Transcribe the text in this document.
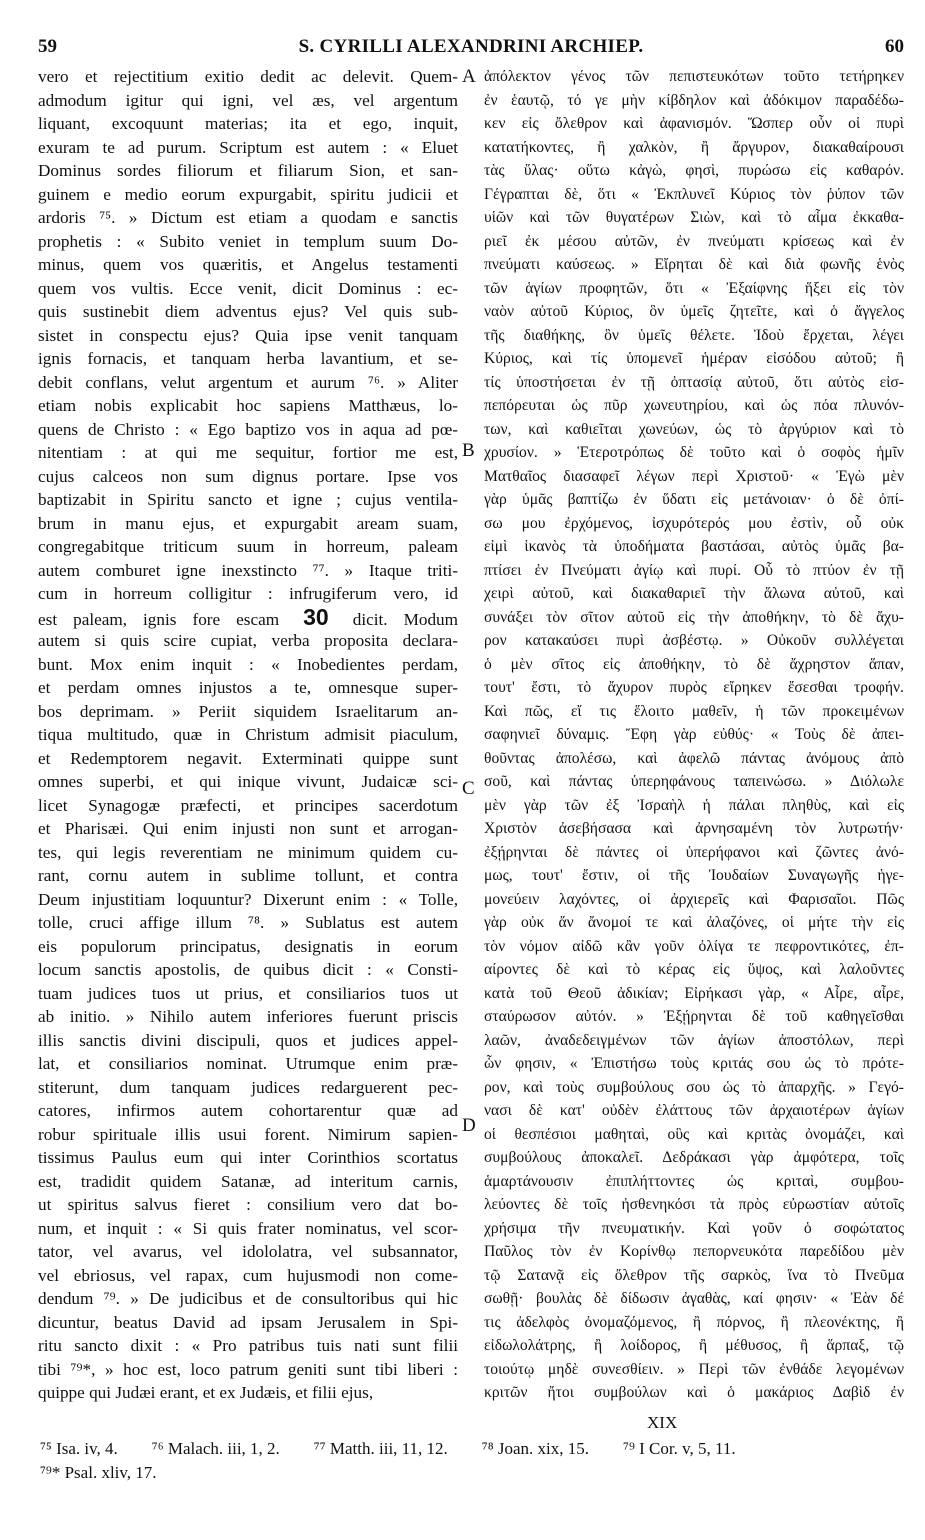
59	S. CYRILLI ALEXANDRINI ARCHIEP.	60
vero et rejectitium exitio dedit ac delevit. Quem-
admodum igitur qui igni, vel æs, vel argentum
liquant, excoquunt materias; ita et ego, inquit,
exuram te ad purum. Scriptum est autem : « Eluet
Dominus sordes filiorum et filiarum Sion, et san-
guinem e medio eorum expurgabit, spiritu judicii et
ardoris ⁷⁵. » Dictum est etiam a quodam e sanctis
prophetis : « Subito veniet in templum suum Do-
minus, quem vos quæritis, et Angelus testamenti
quem vos vultis. Ecce venit, dicit Dominus : ec-
quis sustinebit diem adventus ejus? Vel quis sub-
sistet in conspectu ejus? Quia ipse venit tanquam
ignis fornacis, et tanquam herba lavantium, et se-
debit conflans, velut argentum et aurum ⁷⁶. » Aliter
etiam nobis explicabit hoc sapiens Matthæus, lo-
quens de Christo : « Ego baptizo vos in aqua ad pœ-
nitentiam : at qui me sequitur, fortior me est,
cujus calceos non sum dignus portare. Ipse vos
baptizabit in Spiritu sancto et igne ; cujus ventila-
brum in manu ejus, et expurgabit aream suam,
congregabitque triticum suum in horreum, paleam
autem comburet igne inexstincto ⁷⁷. » Itaque triti-
cum in horreum colligitur : infrugiferum vero, id
est paleam, ignis fore escam 30 dicit. Modum
autem si quis scire cupiat, verba proposita declara-
bunt. Mox enim inquit : « Inobedientes perdam,
et perdam omnes injustos a te, omnesque super-
bos deprimam. » Periit siquidem Israelitarum an-
tiqua multitudo, quæ in Christum admisit piaculum,
et Redemptorem negavit. Exterminati quippe sunt
omnes superbi, et qui inique vivunt, Judaicæ sci-
licet Synagogæ præfecti, et principes sacerdotum
et Pharisæi. Qui enim injusti non sunt et arrogan-
tes, qui legis reverentiam ne minimum quidem cu-
rant, cornu autem in sublime tollunt, et contra
Deum injustitiam loquuntur? Dixerunt enim : « Tolle,
tolle, cruci affige illum ⁷⁸. » Sublatus est autem
eis populorum principatus, designatis in eorum
locum sanctis apostolis, de quibus dicit : « Consti-
tuam judices tuos ut prius, et consiliarios tuos ut
ab initio. » Nihilo autem inferiores fuerunt priscis
illis sanctis divini discipuli, quos et judices appel-
lat, et consiliarios nominat. Utrumque enim præ-
stiterunt, dum tanquam judices redarguerent pec-
catores, infirmos autem cohortarentur quæ ad
robur spirituale illis usui forent. Nimirum sapien-
tissimus Paulus eum qui inter Corinthios scortatus
est, tradidit quidem Satanæ, ad interitum carnis,
ut spiritus salvus fieret : consilium vero dat bo-
num, et inquit : « Si quis frater nominatus, vel scor-
tator, vel avarus, vel idololatra, vel subsannator,
vel ebriosus, vel rapax, cum hujusmodi non come-
dendum ⁷⁹. » De judicibus et de consultoribus qui hic
dicuntur, beatus David ad ipsam Jerusalem in Spi-
ritu sancto dixit : « Pro patribus tuis nati sunt filii
tibi ⁷⁹*, » hoc est, loco patrum geniti sunt tibi liberi :
quippe qui Judæi erant, et ex Judæis, et filii ejus,
ἀπόλεκτον γένος τῶν πεπιστευκότων τοῦτο τετήρηκεν
ἐν ἑαυτῷ, τό γε μὴν κίβδηλον καὶ ἀδόκιμον παραδέδω-
κεν εἰς ὄλεθρον καὶ ἀφανισμόν. Ὥσπερ οὖν οἱ πυρὶ
κατατήκοντες, ἢ χαλκὸν, ἢ ἄργυρον, διακαθαίρουσι
τὰς ὕλας· οὕτω κἀγὼ, φησὶ, πυρώσω εἰς καθαρόν.
Γέγραπται δὲ, ὅτι « Ἐκπλυνεῖ Κύριος τὸν ῥύπον τῶν
υἱῶν καὶ τῶν θυγατέρων Σιὼν, καὶ τὸ αἷμα ἐκκαθα-
ριεῖ ἐκ μέσου αὐτῶν, ἐν πνεύματι κρίσεως καὶ ἐν
πνεύματι καύσεως. » Εἴρηται δὲ καὶ διὰ φωνῆς ἑνὸς
τῶν ἁγίων προφητῶν, ὅτι « Ἐξαίφνης ἥξει εἰς τὸν
ναὸν αὐτοῦ Κύριος, ὃν ὑμεῖς ζητεῖτε, καὶ ὁ ἄγγελος
τῆς διαθήκης, ὃν ὑμεῖς θέλετε. Ἰδοὺ ἔρχεται, λέγει
Κύριος, καὶ τίς ὑπομενεῖ ἡμέραν εἰσόδου αὐτοῦ; ἢ
τίς ὑποστήσεται ἐν τῇ ὀπτασίᾳ αὐτοῦ, ὅτι αὐτὸς εἰσ-
πεπόρευται ὡς πῦρ χωνευτηρίου, καὶ ὡς πόα πλυνόν-
των, καὶ καθιεῖται χωνεύων, ὡς τὸ ἀργύριον καὶ τὸ
χρυσίον. » Ἑτεροτρόπως δὲ τοῦτο καὶ ὁ σοφὸς ἡμῖν
Ματθαῖος διασαφεῖ λέγων περὶ Χριστοῦ· « Ἐγὼ μὲν
γὰρ ὑμᾶς βαπτίζω ἐν ὕδατι εἰς μετάνοιαν· ὁ δὲ ὀπί-
σω μου ἐρχόμενος, ἰσχυρότερός μου ἐστὶν, οὗ οὐκ
εἰμὶ ἱκανὸς τὰ ὑποδήματα βαστάσαι, αὐτὸς ὑμᾶς βα-
πτίσει ἐν Πνεύματι ἁγίῳ καὶ πυρί. Οὗ τὸ πτύον ἐν τῇ
χειρὶ αὐτοῦ, καὶ διακαθαριεῖ τὴν ἅλωνα αὐτοῦ, καὶ
συνάξει τὸν σῖτον αὐτοῦ εἰς τὴν ἀποθήκην, τὸ δὲ ἄχυ-
ρον κατακαύσει πυρὶ ἀσβέστῳ. » Οὐκοῦν συλλέγεται
ὁ μὲν σῖτος εἰς ἀποθήκην, τὸ δὲ ἄχρηστον ἅπαν,
τουτ' ἔστι, τὸ ἄχυρον πυρὸς εἴρηκεν ἔσεσθαι τροφήν.
Καὶ πῶς, εἴ τις ἕλοιτο μαθεῖν, ἡ τῶν προκειμένων
σαφηνιεῖ δύναμις. Ἔφη γὰρ εὐθύς· « Τοὺς δὲ ἀπει-
θοῦντας ἀπολέσω, καὶ ἀφελῶ πάντας ἀνόμους ἀπὸ
σοῦ, καὶ πάντας ὑπερηφάνους ταπεινώσω. » Διόλωλε
μὲν γὰρ τῶν ἐξ Ἰσραὴλ ἡ πάλαι πληθὺς, καὶ εἰς
Χριστὸν ἀσεβήσασα καὶ ἀρνησαμένη τὸν λυτρωτήν·
ἐξῄρηνται δὲ πάντες οἱ ὑπερήφανοι καὶ ζῶντες ἀνό-
μως, τουτ' ἔστιν, οἱ τῆς Ἰουδαίων Συναγωγῆς ἡγε-
μονεύειν λαχόντες, οἱ ἀρχιερεῖς καὶ Φαρισαῖοι. Πῶς
γὰρ οὐκ ἄν ἄνομοί τε καὶ ἀλαζόνες, οἱ μήτε τὴν εἰς
τὸν νόμον αἰδῶ κἂν γοῦν ὀλίγα τε πεφροντικότες, ἐπ-
αίροντες δὲ καὶ τὸ κέρας εἰς ὕψος, καὶ λαλοῦντες
κατὰ τοῦ Θεοῦ ἀδικίαν; Εἰρήκασι γὰρ, « Αἶρε, αἶρε,
σταύρωσον αὐτόν. » Ἐξῄρηνται δὲ τοῦ καθηγεῖσθαι
λαῶν, ἀναδεδειγμένων τῶν ἁγίων ἀποστόλων, περὶ
ὧν φησιν, « Ἐπιστήσω τοὺς κριτάς σου ὡς τὸ πρότε-
ρον, καὶ τοὺς συμβούλους σου ὡς τὸ ἀπαρχῆς. » Γεγό-
νασι δὲ κατ' οὐδὲν ἐλάττους τῶν ἀρχαιοτέρων ἁγίων
οἱ θεσπέσιοι μαθηταὶ, οὓς καὶ κριτὰς ὀνομάζει, καὶ
συμβούλους ἀποκαλεῖ. Δεδράκασι γὰρ ἀμφότερα, τοῖς
ἁμαρτάνουσιν ἐπιπλήττοντες ὡς κριταὶ, συμβου-
λεύοντες δὲ τοῖς ἠσθενηκόσι τὰ πρὸς εὐρωστίαν αὐτοῖς
χρήσιμα τῆν πνευματικήν. Καὶ γοῦν ὁ σοφώτατος
Παῦλος τὸν ἐν Κορίνθῳ πεπορνευκότα παρεδίδου μὲν
τῷ Σατανᾷ εἰς ὄλεθρον τῆς σαρκὸς, ἵνα τὸ Πνεῦμα
σωθῇ· βουλὰς δὲ δίδωσιν ἀγαθὰς, καί φησιν· « Ἐὰν δέ
τις ἀδελφὸς ὀνομαζόμενος, ἢ πόρνος, ἢ πλεονέκτης, ἢ
εἰδωλολάτρης, ἢ λοίδορος, ἢ μέθυσος, ἢ ἅρπαξ, τῷ
τοιούτῳ μηδὲ συνεσθίειν. » Περὶ τῶν ἐνθάδε λεγομένων
κριτῶν ἤτοι συμβούλων καὶ ὁ μακάριος Δαβὶδ ἐν
A
B
C
D
XIX
⁷⁵ Isa. iv, 4. ⁷⁶ Malach. iii, 1, 2. ⁷⁷ Matth. iii, 11, 12. ⁷⁸ Joan. xix, 15. ⁷⁹ I Cor. v, 5, 11.
⁷⁹* Psal. xliv, 17.
